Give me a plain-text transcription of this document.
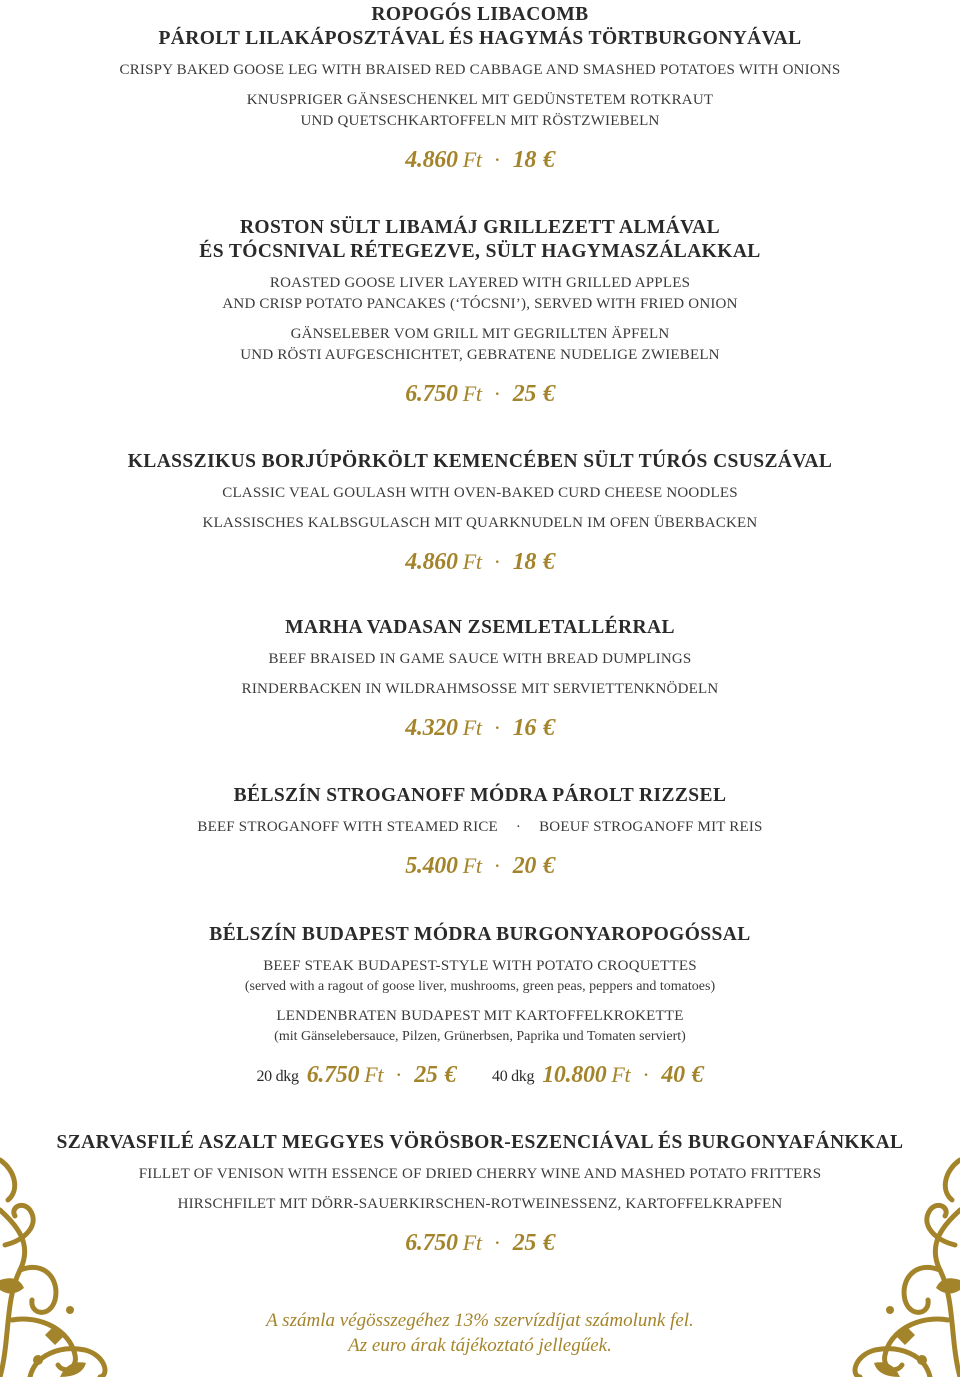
ROPOGÓS LIBACOMB
PÁROLT LILAKÁPOSZTÁVAL ÉS HAGYMÁS TÖRTBURGONYÁVAL
CRISPY BAKED GOOSE LEG WITH BRAISED RED CABBAGE AND SMASHED POTATOES WITH ONIONS
KNUSPRIGER GÄNSESCHENKEL MIT GEDÜNSTETEM ROTKRAUT
UND QUETSCHKARTOFFELN MIT RÖSTZWIEBELN
4.860 Ft · 18 €
ROSTON SÜLT LIBAMÁJ GRILLEZETT ALMÁVAL
ÉS TÓCSNIVAL RÉTEGEZVE, SÜLT HAGYMASZÁLAKKAL
ROASTED GOOSE LIVER LAYERED WITH GRILLED APPLES
AND CRISP POTATO PANCAKES (‘TÓCSNI’), SERVED WITH FRIED ONION
GÄNSELEBER VOM GRILL MIT GEGRILLTEN ÄPFELN
UND RÖSTI AUFGESCHICHTET, GEBRATENE NUDELIGE ZWIEBELN
6.750 Ft · 25 €
KLASSZIKUS BORJÚPÖRKÖLT KEMENCÉBEN SÜLT TÚRÓS CSUSZÁVAL
CLASSIC VEAL GOULASH WITH OVEN-BAKED CURD CHEESE NOODLES
KLASSISCHES KALBSGULASCH MIT QUARKNUDELN IM OFEN ÜBERBACKEN
4.860 Ft · 18 €
MARHA VADASAN ZSEMLETALLÉRRAL
BEEF BRAISED IN GAME SAUCE WITH BREAD DUMPLINGS
RINDERBACKEN IN WILDRAHMSOSSE MIT SERVIETTENKNÖDELN
4.320 Ft · 16 €
BÉLSZÍN STROGANOFF MÓDRA PÁROLT RIZZSEL
BEEF STROGANOFF WITH STEAMED RICE · BOEUF STROGANOFF MIT REIS
5.400 Ft · 20 €
BÉLSZÍN BUDAPEST MÓDRA BURGONYAROPOGÓSSAL
BEEF STEAK BUDAPEST-STYLE WITH POTATO CROQUETTES
(served with a ragout of goose liver, mushrooms, green peas, peppers and tomatoes)
LENDENBRATEN BUDAPEST MIT KARTOFFELKROKETTE
(mit Gänselebersauce, Pilzen, Grünerbsen, Paprika und Tomaten serviert)
20 dkg 6.750 Ft · 25 € 40 dkg 10.800 Ft · 40 €
SZARVASFILÉ ASZALT MEGGYES VÖRÖSBOR-ESZENCIÁVAL ÉS BURGONYAFÁNKKAL
FILLET OF VENISON WITH ESSENCE OF DRIED CHERRY WINE AND MASHED POTATO FRITTERS
HIRSCHFILET MIT DÖRR-SAUERKIRSCHEN-ROTWEINESSENZ, KARTOFFELKRAPFEN
6.750 Ft · 25 €
A számla végösszegéhez 13% szervízdíjat számolunk fel.
Az euro árak tájékoztató jellegűek.
